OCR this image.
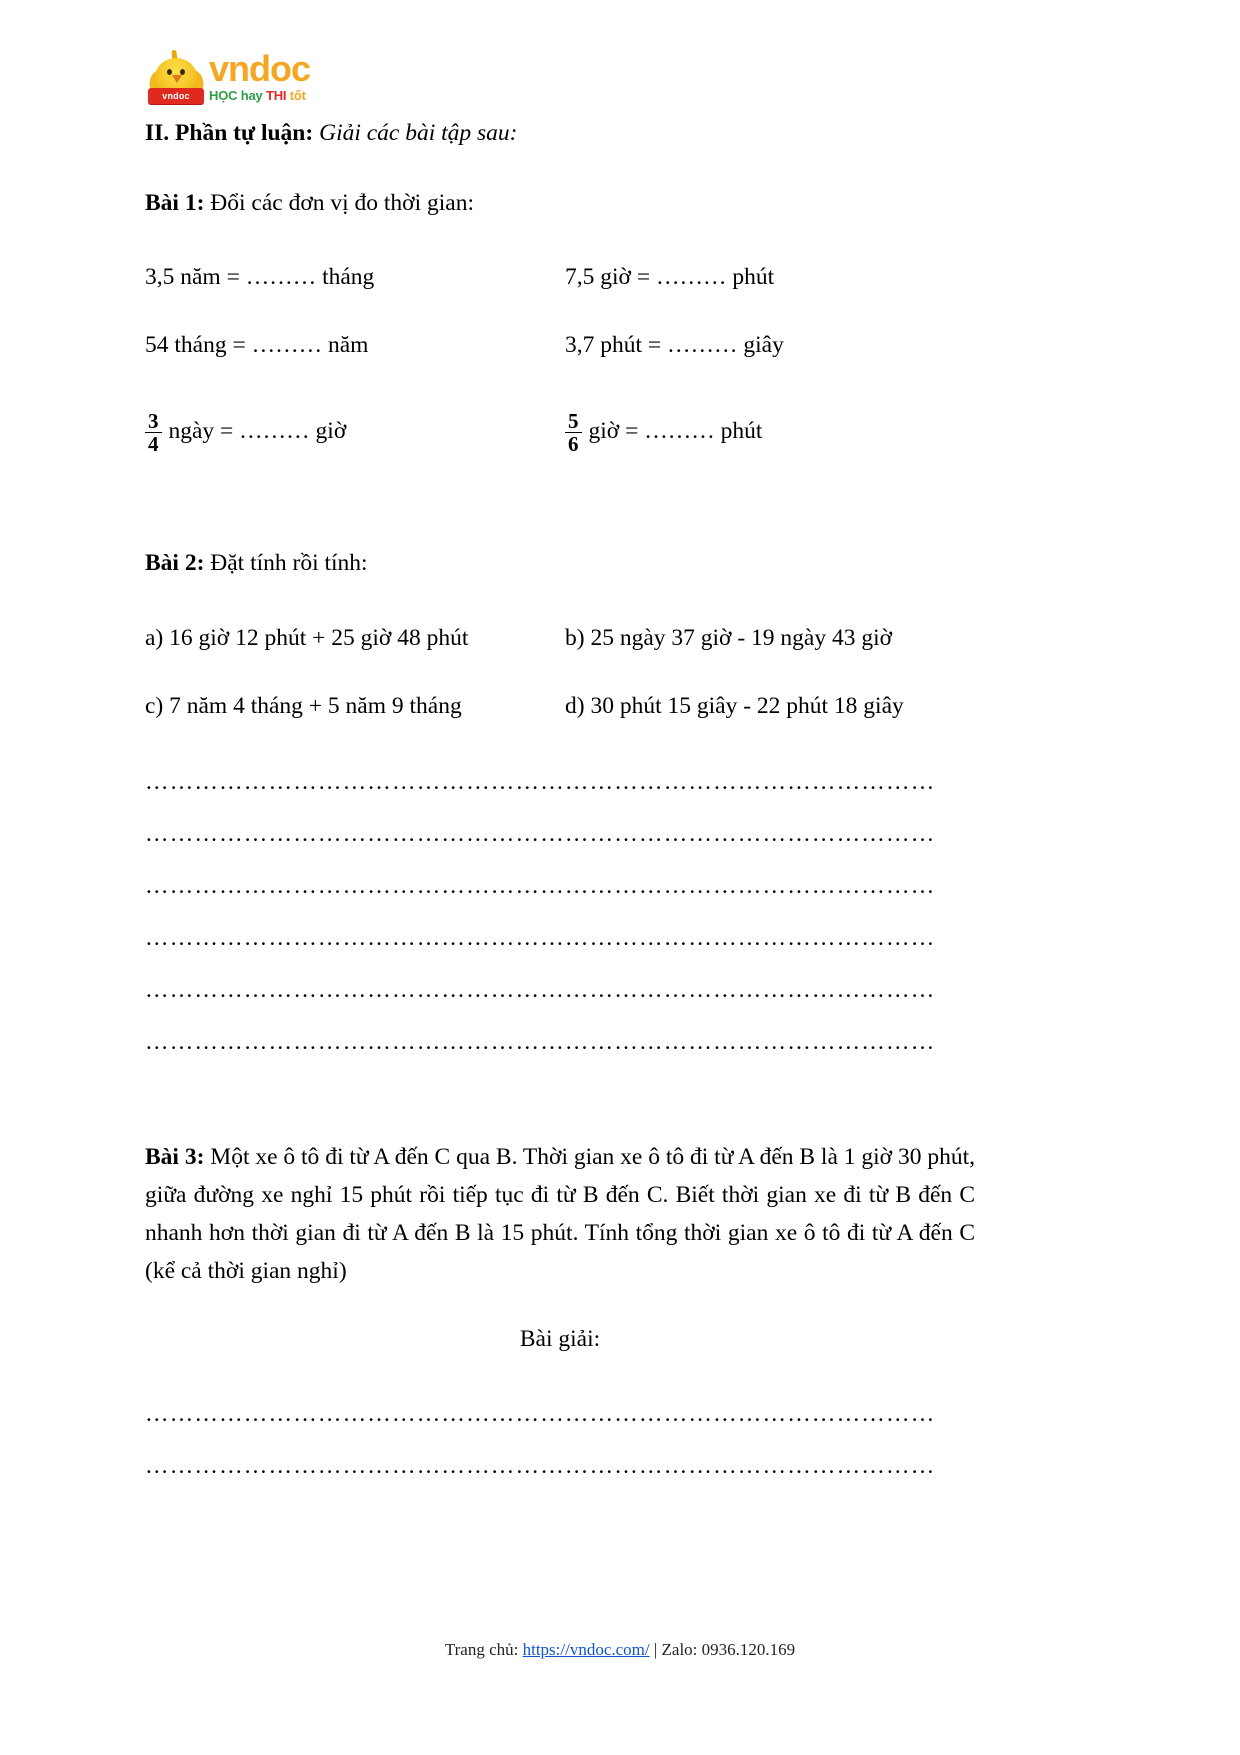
vndoc
vndoc
HỌC hay THI tốt

II. Phần tự luận: Giải các bài tập sau:

Bài 1: Đổi các đơn vị đo thời gian:

3,5 năm = ……… tháng	7,5 giờ = ……… phút
54 tháng = ……… năm	3,7 phút = ……… giây
$\frac{3}{4}$ ngày = ……… giờ	$\frac{5}{6}$ giờ = ……… phút

Bài 2: Đặt tính rồi tính:

a) 16 giờ 12 phút + 25 giờ 48 phút	b) 25 ngày 37 giờ - 19 ngày 43 giờ
c) 7 năm 4 tháng + 5 năm 9 tháng	d) 30 phút 15 giây - 22 phút 18 giây

……………………………………………………………………………………

……………………………………………………………………………………

……………………………………………………………………………………

……………………………………………………………………………………

……………………………………………………………………………………

……………………………………………………………………………………

Bài 3: Một xe ô tô đi từ A đến C qua B. Thời gian xe ô tô đi từ A đến B là 1 giờ 30 phút, giữa đường xe nghỉ 15 phút rồi tiếp tục đi từ B đến C. Biết thời gian xe đi từ B đến C nhanh hơn thời gian đi từ A đến B là 15 phút. Tính tổng thời gian xe ô tô đi từ A đến C (kể cả thời gian nghỉ)

Bài giải:

……………………………………………………………………………………

……………………………………………………………………………………

Trang chủ: https://vndoc.com/ | Zalo: 0936.120.169
